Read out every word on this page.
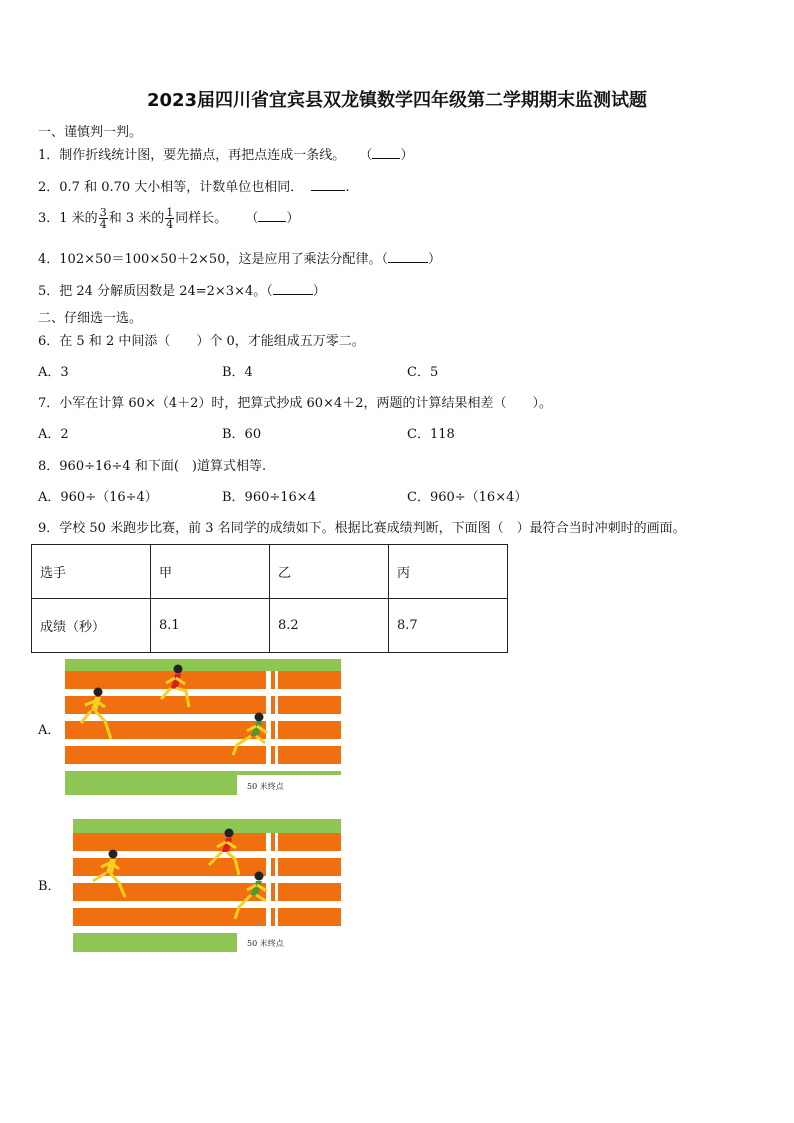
2023届四川省宜宾县双龙镇数学四年级第二学期期末监测试题
一、谨慎判一判。
1．制作折线统计图，要先描点，再把点连成一条线。 （ ）
2．0.7 和 0.70 大小相等，计数单位也相同．	.
3．1 米的 $\frac{3}{4}$ 和 3 米的 $\frac{1}{4}$ 同样长。 （ ）
4．102×50＝100×50＋2×50，这是应用了乘法分配律。（	）
5．把 24 分解质因数是 24=2×3×4。（	）
二、仔细选一选。
6．在 5 和 2 中间添（　　）个 0，才能组成五万零二。
A．3	B．4	C．5
7．小军在计算 60×（4＋2）时，把算式抄成 60×4＋2，两题的计算结果相差（　　）。
A．2	B．60	C．118
8．960÷16÷4 和下面(　)道算式相等.
A．960÷（16÷4）	B．960÷16×4	C．960÷（16×4）
9．学校 50 米跑步比赛，前 3 名同学的成绩如下。根据比赛成绩判断，下面图（　）最符合当时冲刺时的画面。
选手	甲	乙	丙
成绩（秒）	8.1	8.2	8.7
A．
50 米终点
B．
50 米终点
